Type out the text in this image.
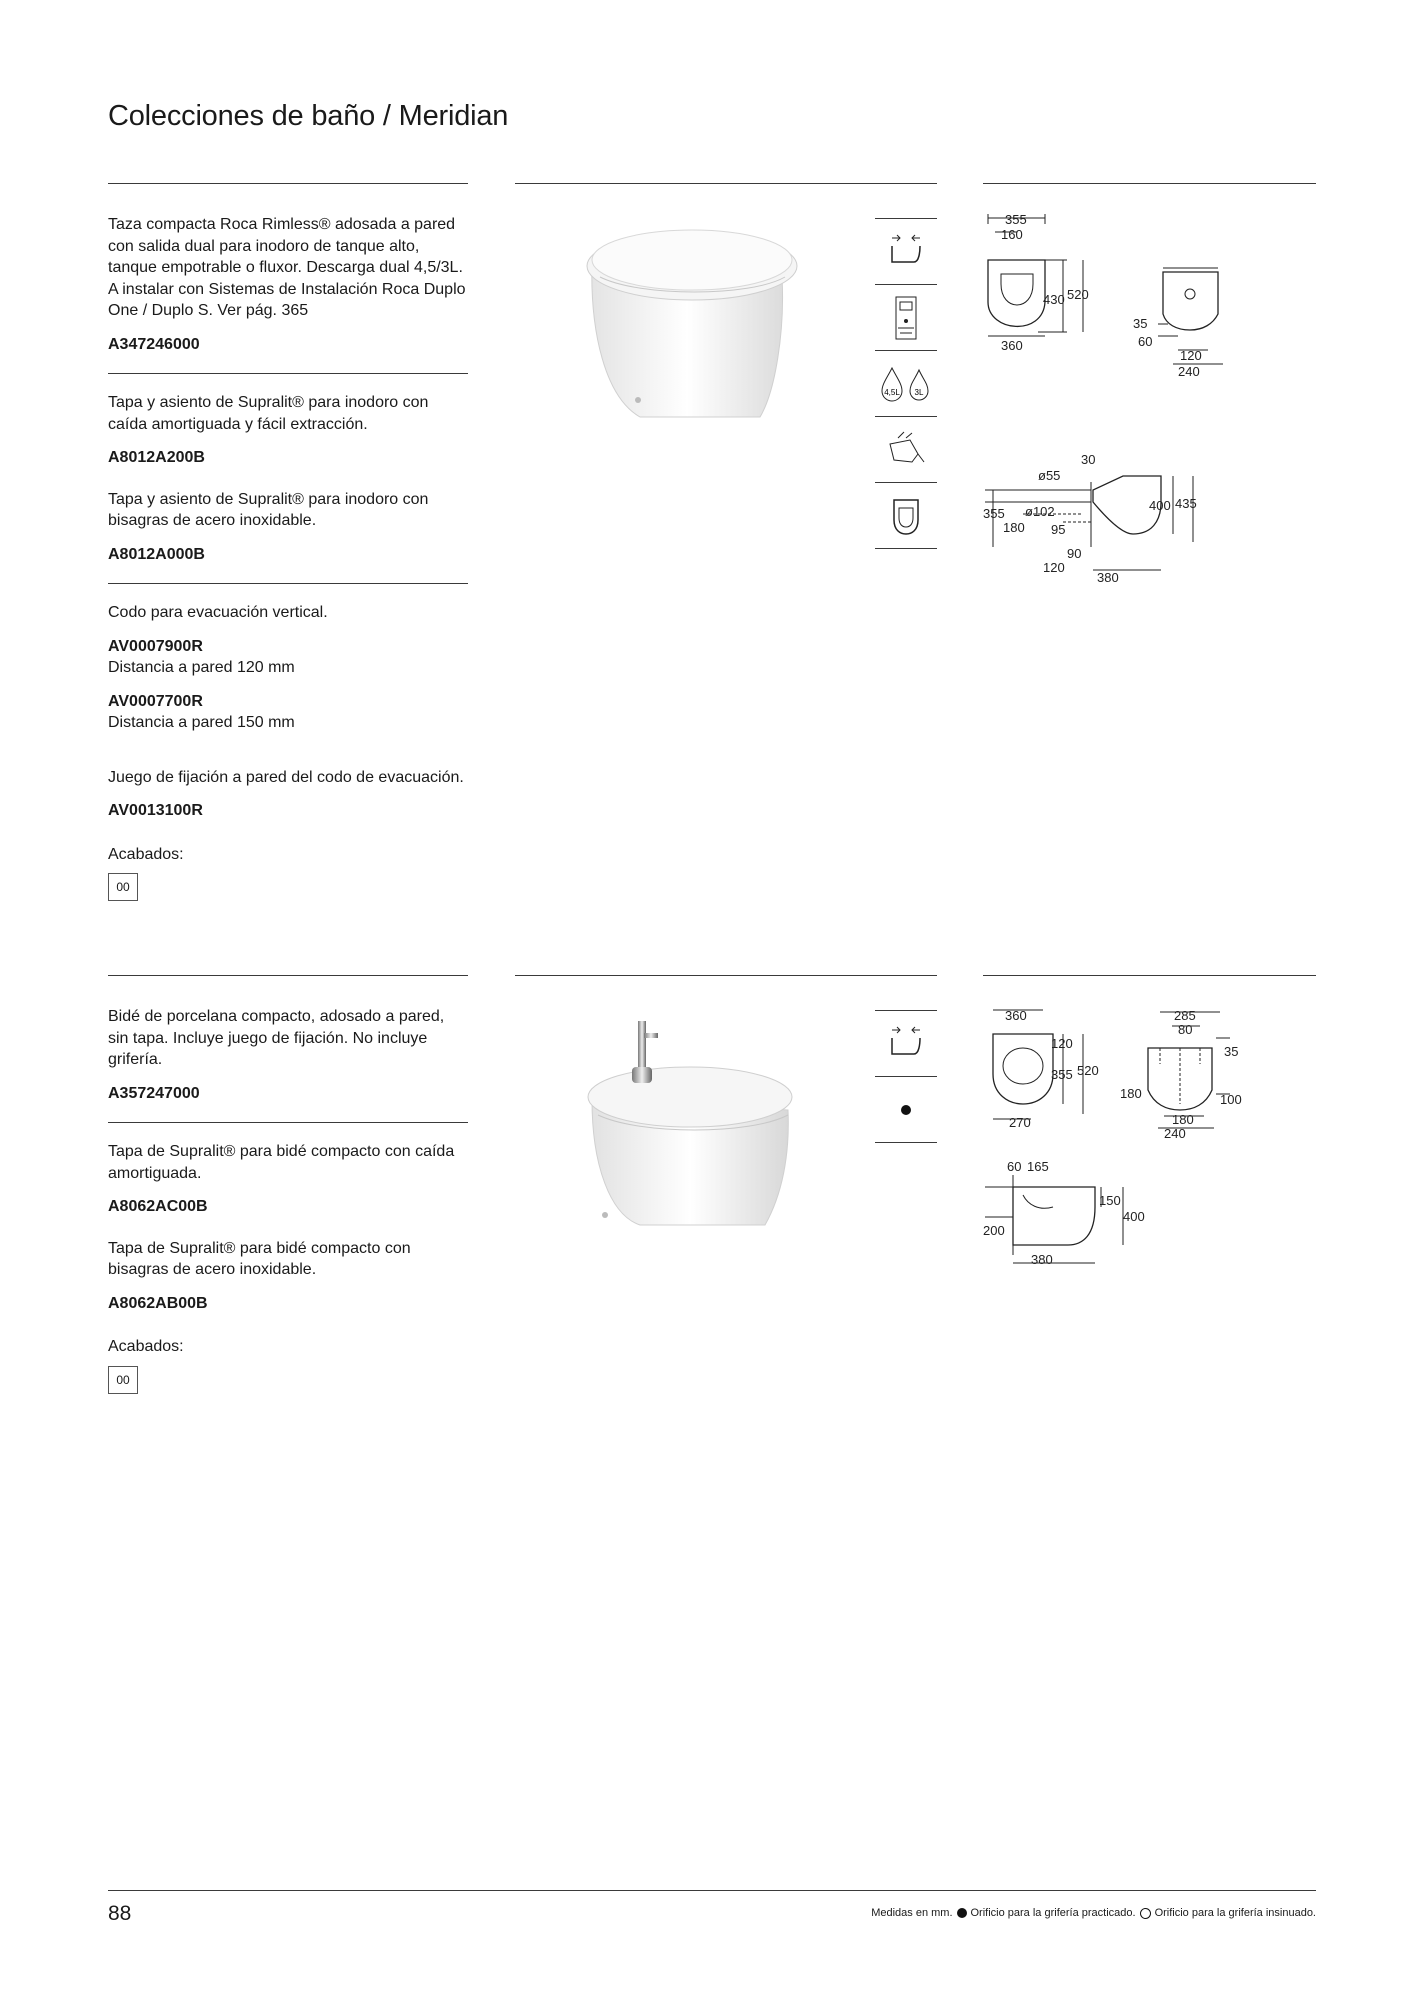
Colecciones de baño / Meridian

Taza compacta Roca Rimless® adosada a pared con salida dual para inodoro de tanque alto, tanque empotrable o fluxor. Descarga dual 4,5/3L. A instalar con Sistemas de Instalación Roca Duplo One / Duplo S. Ver pág. 365

A347246000

Tapa y asiento de Supralit® para inodoro con caída amortiguada y fácil extracción.

A8012A200B

Tapa y asiento de Supralit® para inodoro con bisagras de acero inoxidable.

A8012A000B

Codo para evacuación vertical.

AV0007900R

Distancia a pared 120 mm

AV0007700R

Distancia a pared 150 mm

Juego de fijación a pared del codo de evacuación.

AV0013100R
Acabados:
00
4,5L 3L
355
160
430 520
360
35
60
120
240
30
ø55
355 ø102
180 95
400 435
90
120
380

Bidé de porcelana compacto, adosado a pared, sin tapa. Incluye juego de fijación. No incluye grifería.

A357247000

Tapa de Supralit® para bidé compacto con caída amortiguada.

A8062AC00B

Tapa de Supralit® para bidé compacto con bisagras de acero inoxidable.

A8062AB00B
Acabados:
00
360
120
355 520
270
285
80
35
180	100
180
240
60 165
150
400
200
380
88	Medidas en mm. Orificio para la grifería practicado. Orificio para la grifería insinuado.
